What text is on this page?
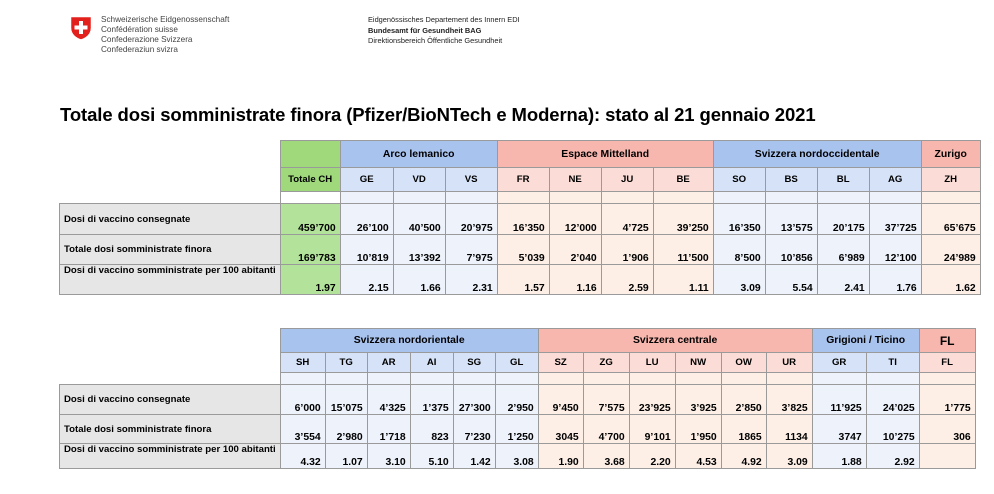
Schweizerische Eidgenossenschaft
Confédération suisse
Confederazione Svizzera
Confederaziun svizra
Eidgenössisches Departement des Innern EDI
Bundesamt für Gesundheit BAG
Direktionsbereich Öffentliche Gesundheit
Totale dosi somministrate finora (Pfizer/BioNTech e Moderna): stato al 21 gennaio 2021
		Arco lemanico			Espace Mittelland				Svizzera nordoccidentale				Zurigo
	Totale CH	GE	VD	VS	FR	NE	JU	BE	SO	BS	BL	AG	ZH

Dosi di vaccino consegnate	459’700	26’100	40’500	20’975	16’350	12’000	4’725	39’250	16’350	13’575	20’175	37’725	65’675
Totale dosi somministrate finora	169’783	10’819	13’392	7’975	5’039	2’040	1’906	11’500	8’500	10’856	6’989	12’100	24’989
Dosi di vaccino somministrate per 100 abitanti	1.97	2.15	1.66	2.31	1.57	1.16	2.59	1.11	3.09	5.54	2.41	1.76	1.62
	Svizzera nordorientale						Svizzera centrale						Grigioni / Ticino		FL
	SH	TG	AR	AI	SG	GL	SZ	ZG	LU	NW	OW	UR	GR	TI	FL

Dosi di vaccino consegnate	6’000	15’075	4’325	1’375	27’300	2’950	9’450	7’575	23’925	3’925	2’850	3’825	11’925	24’025	1’775
Totale dosi somministrate finora	3’554	2’980	1’718	823	7’230	1’250	3045	4’700	9’101	1’950	1865	1134	3747	10’275	306
Dosi di vaccino somministrate per 100 abitanti	4.32	1.07	3.10	5.10	1.42	3.08	1.90	3.68	2.20	4.53	4.92	3.09	1.88	2.92	
